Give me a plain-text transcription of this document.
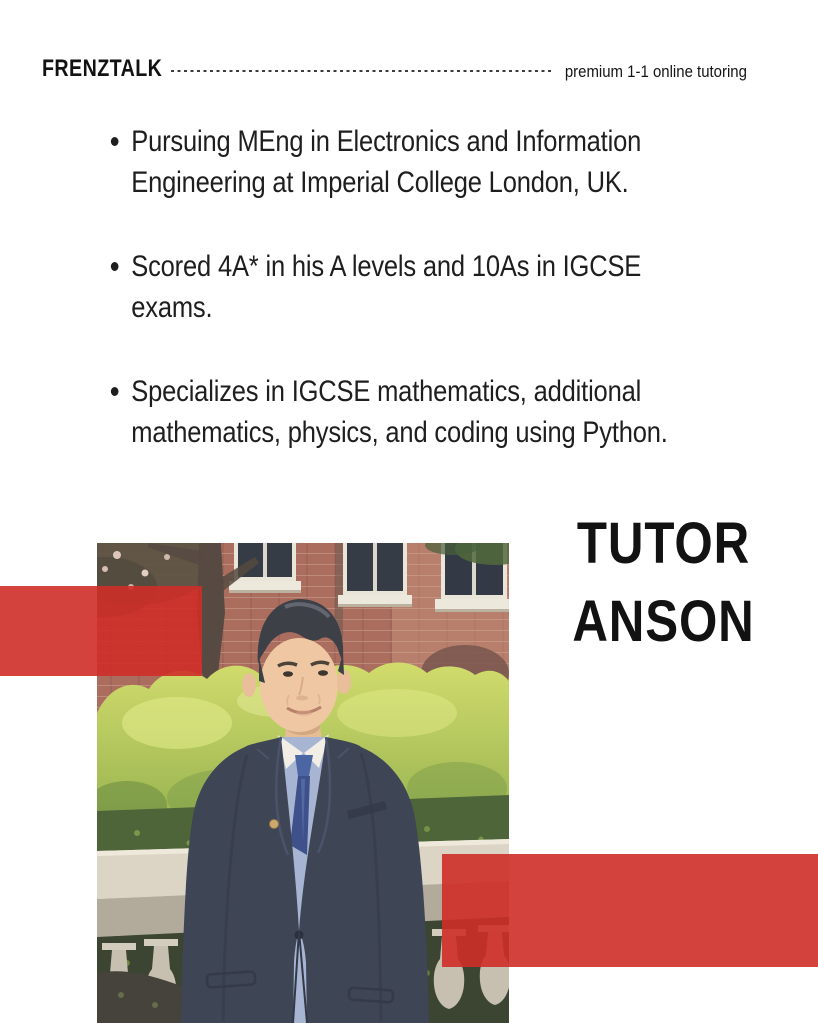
FRENZTALK	premium 1-1 online tutoring
Pursuing MEng in Electronics and Information Engineering at Imperial College London, UK.
Scored 4A* in his A levels and 10As in IGCSE exams.
Specializes in IGCSE mathematics, additional mathematics, physics, and coding using Python.
TUTOR
ANSON
